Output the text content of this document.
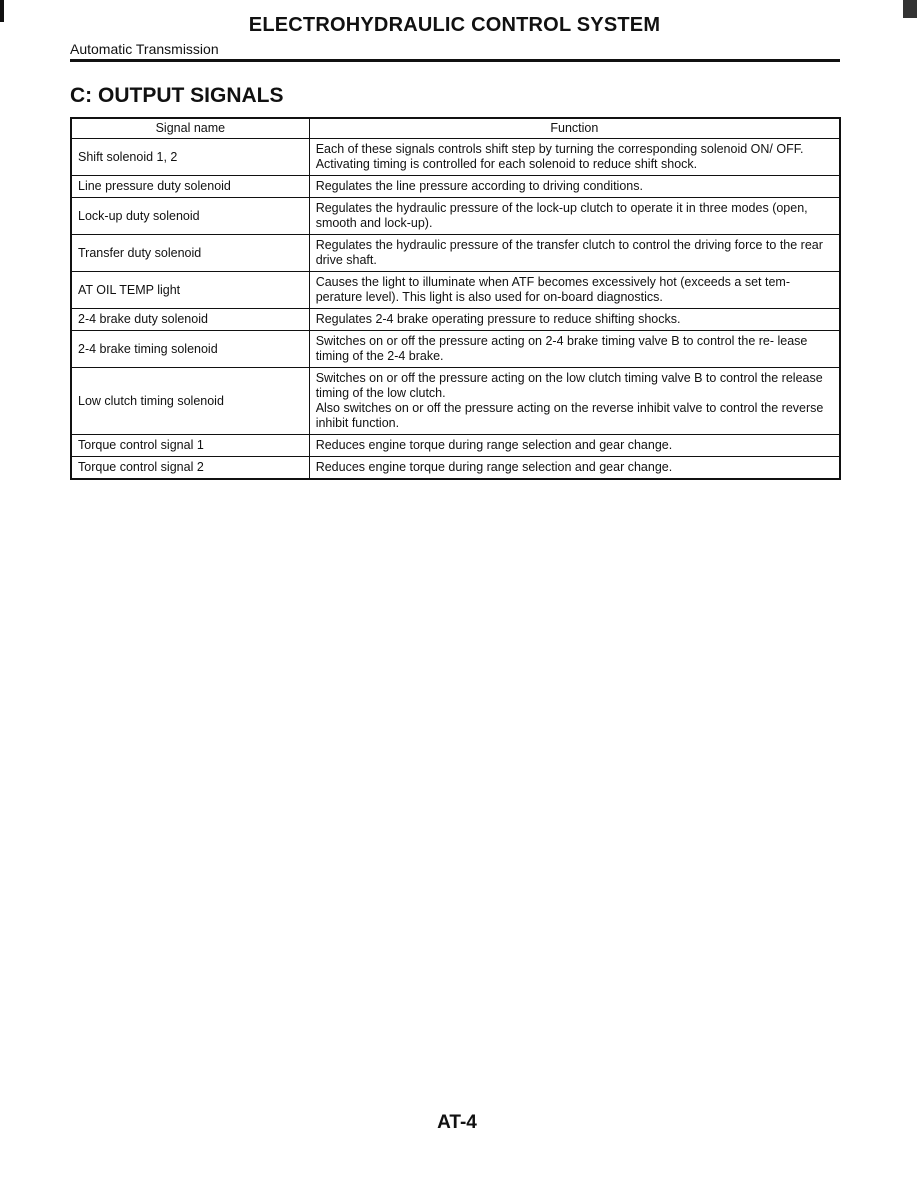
ELECTROHYDRAULIC CONTROL SYSTEM
Automatic Transmission
C: OUTPUT SIGNALS
Signal name	Function
Shift solenoid 1, 2	Each of these signals controls shift step by turning the corresponding solenoid ON/ OFF. Activating timing is controlled for each solenoid to reduce shift shock.
Line pressure duty solenoid	Regulates the line pressure according to driving conditions.
Lock-up duty solenoid	Regulates the hydraulic pressure of the lock-up clutch to operate it in three modes (open, smooth and lock-up).
Transfer duty solenoid	Regulates the hydraulic pressure of the transfer clutch to control the driving force to the rear drive shaft.
AT OIL TEMP light	Causes the light to illuminate when ATF becomes excessively hot (exceeds a set tem- perature level). This light is also used for on-board diagnostics.
2-4 brake duty solenoid	Regulates 2-4 brake operating pressure to reduce shifting shocks.
2-4 brake timing solenoid	Switches on or off the pressure acting on 2-4 brake timing valve B to control the re- lease timing of the 2-4 brake.
Low clutch timing solenoid	Switches on or off the pressure acting on the low clutch timing valve B to control the release timing of the low clutch.
Also switches on or off the pressure acting on the reverse inhibit valve to control the reverse inhibit function.

Torque control signal 1	Reduces engine torque during range selection and gear change.
Torque control signal 2	Reduces engine torque during range selection and gear change.
AT-4
